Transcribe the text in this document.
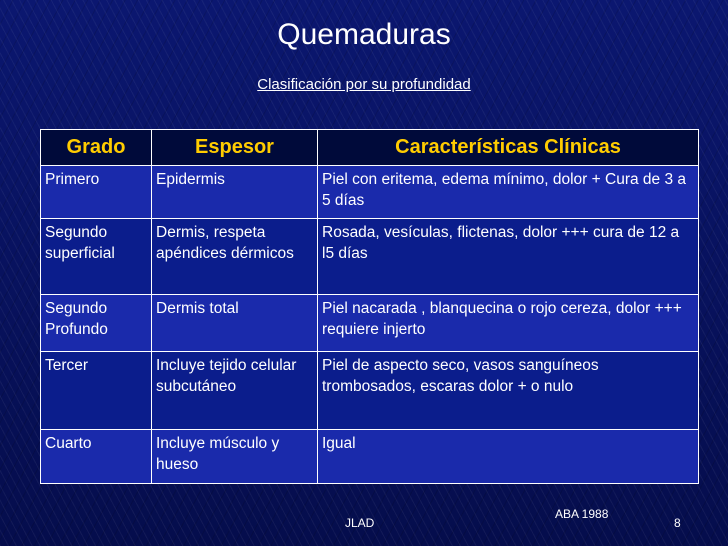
Quemaduras
Clasificación por su profundidad
Grado	Espesor	Características Clínicas
Primero	Epidermis	Piel con eritema, edema mínimo, dolor + Cura de 3 a 5 días
Segundo superficial	Dermis, respeta apéndices dérmicos	Rosada, vesículas, flictenas, dolor +++ cura de 12 a l5 días
Segundo Profundo	Dermis total	Piel nacarada , blanquecina o rojo cereza, dolor +++ requiere injerto
Tercer	Incluye tejido celular subcutáneo	Piel de aspecto seco, vasos sanguíneos trombosados, escaras dolor + o nulo
Cuarto	Incluye músculo y hueso	Igual
JLAD
ABA 1988
8
